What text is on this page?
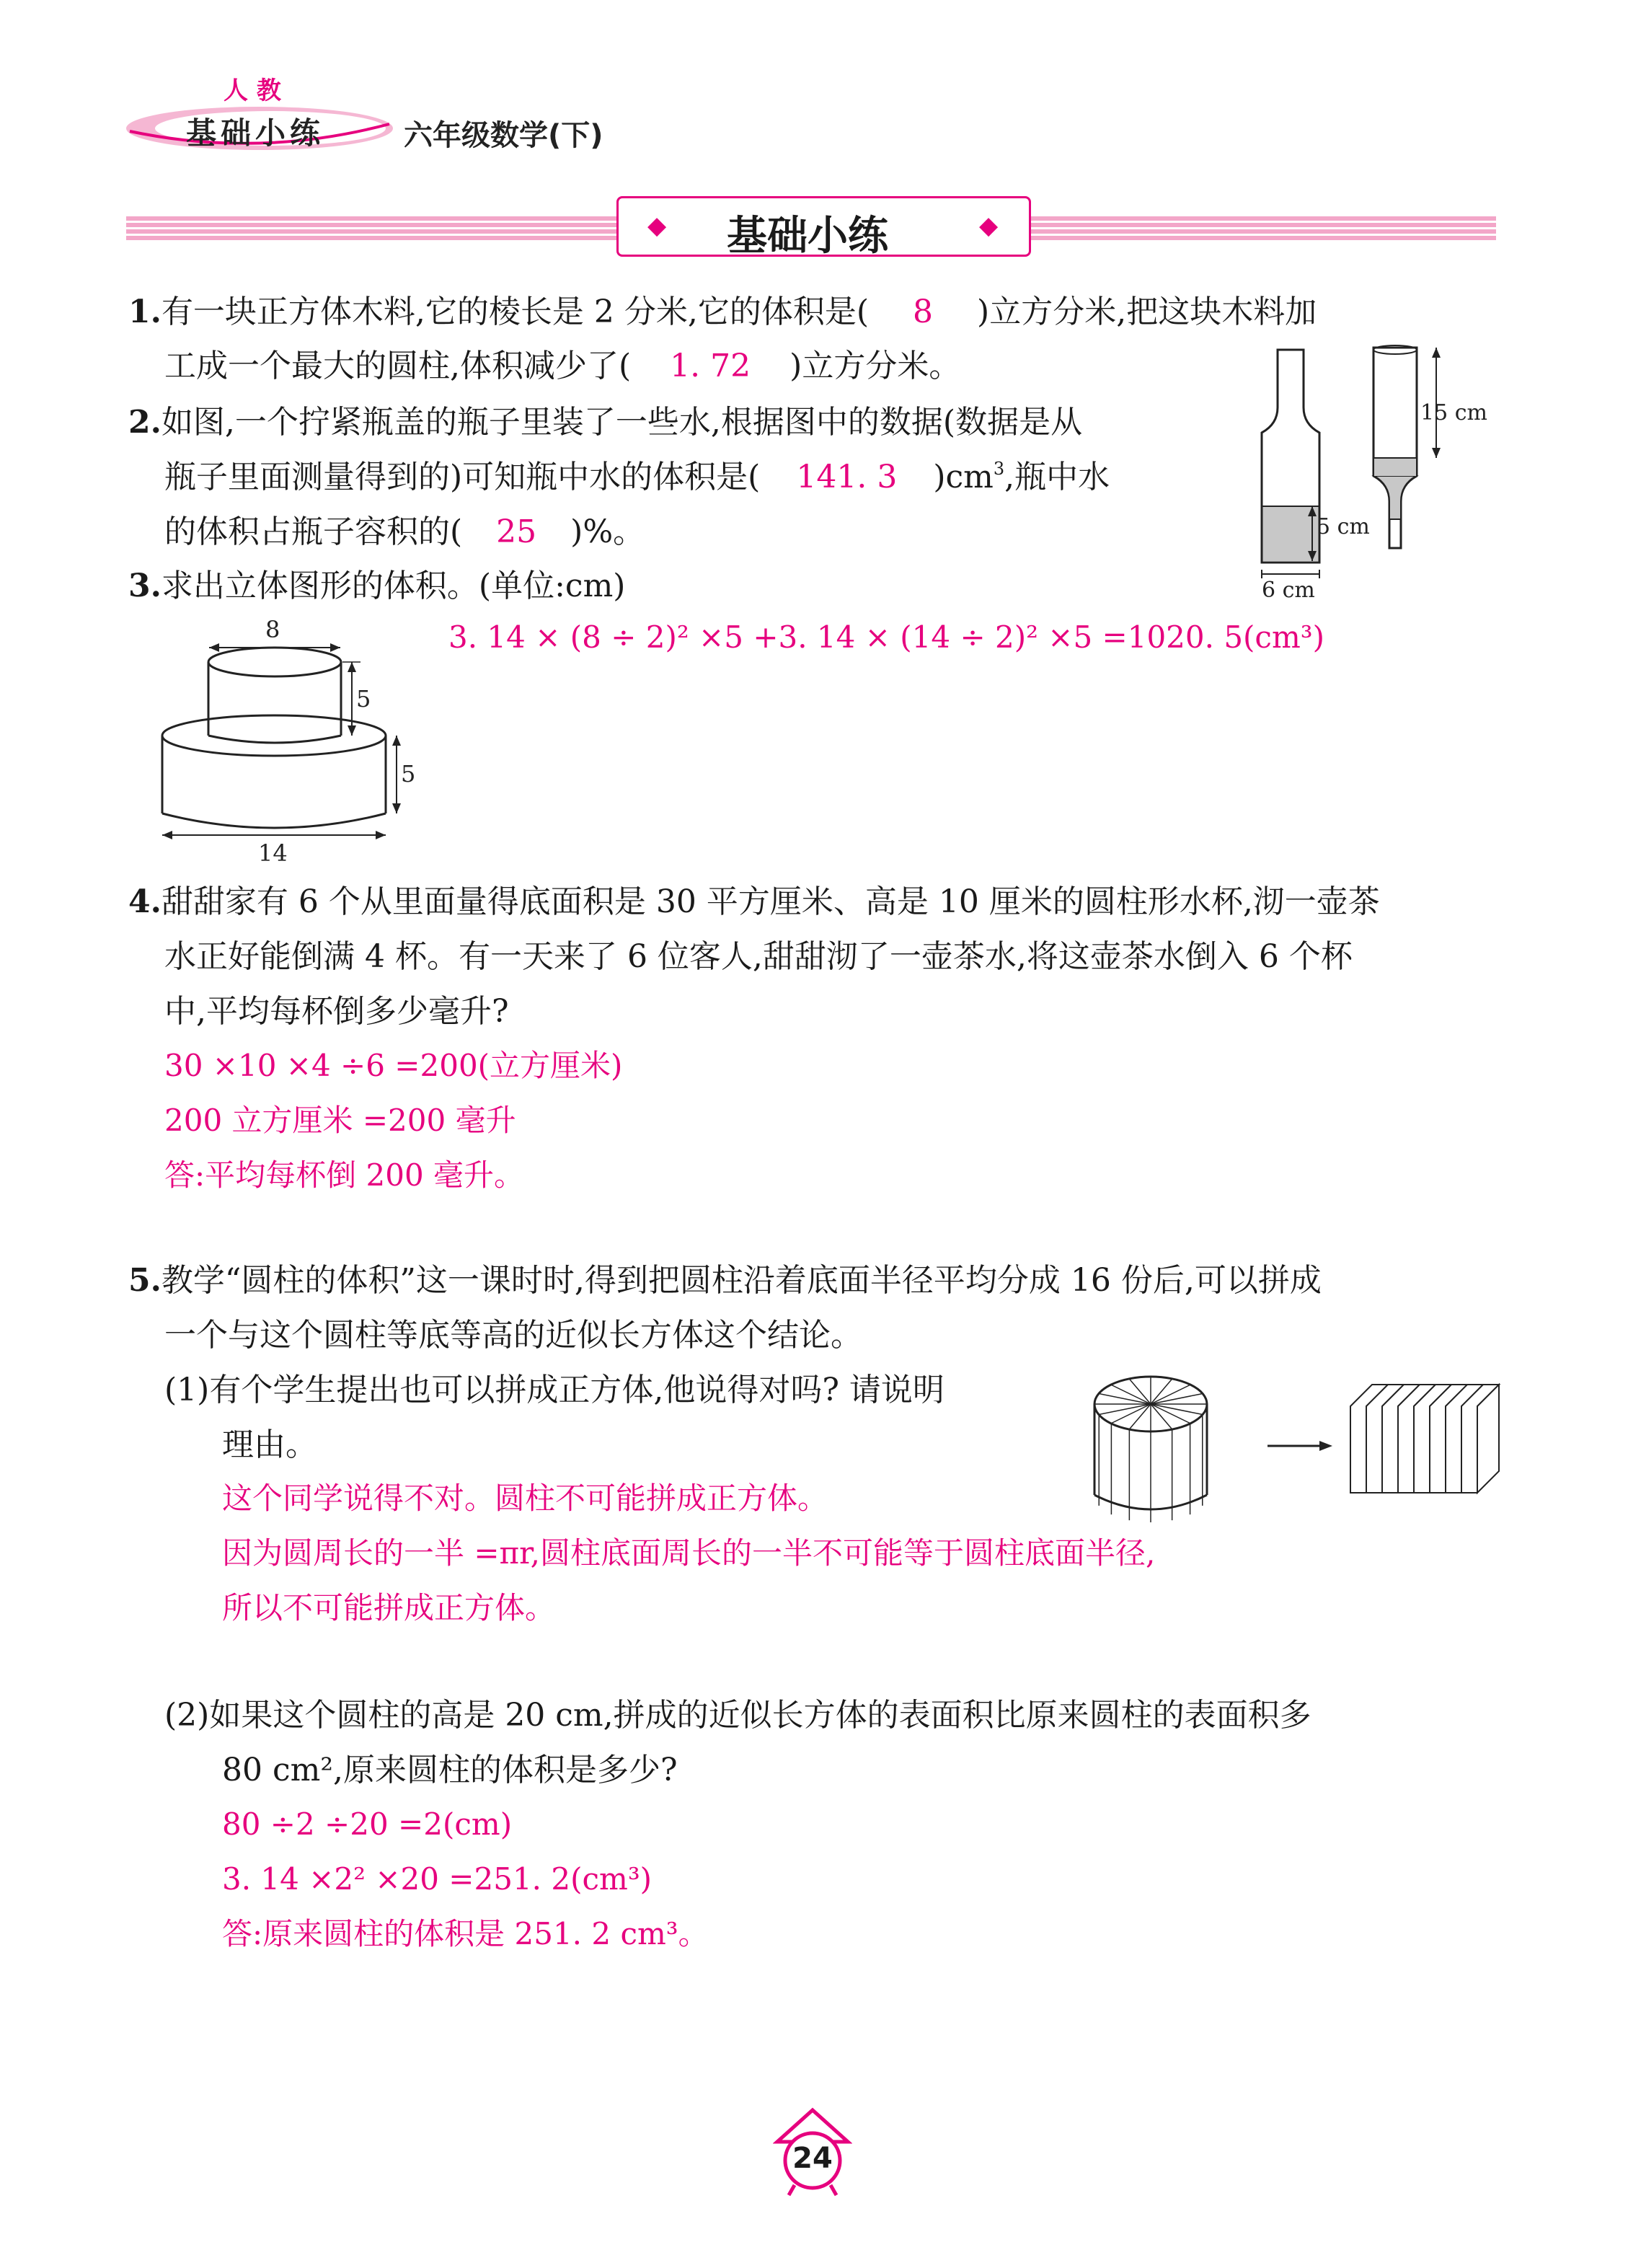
人 教
基础小练	六年级数学(下)
◆ 基础小练	◆
1.有一块正方体木料,它的棱长是 2 分米,它的体积是( 8 )立方分米,把这块木料加
工成一个最大的圆柱,体积减少了( 1. 72 )立方分米。
2.如图,一个拧紧瓶盖的瓶子里装了一些水,根据图中的数据(数据是从
瓶子里面测量得到的)可知瓶中水的体积是( 141. 3 )$cm^3$,瓶中水
的体积占瓶子容积的( 25 )%。	5 cm
6 cm
15 cm
3.求出立体图形的体积。(单位:cm)
3. 14 × (8 ÷ 2)² ×5 +3. 14 × (14 ÷ 2)² ×5 =1020. 5(cm³)
8
5
5
14
4.甜甜家有 6 个从里面量得底面积是 30 平方厘米、高是 10 厘米的圆柱形水杯,沏一壶茶
水正好能倒满 4 杯。有一天来了 6 位客人,甜甜沏了一壶茶水,将这壶茶水倒入 6 个杯
中,平均每杯倒多少毫升?
30 ×10 ×4 ÷6 =200(立方厘米)
200 立方厘米 =200 毫升
答:平均每杯倒 200 毫升。
5.教学“圆柱的体积”这一课时时,得到把圆柱沿着底面半径平均分成 16 份后,可以拼成
一个与这个圆柱等底等高的近似长方体这个结论。
(1)有个学生提出也可以拼成正方体,他说得对吗? 请说明
理由。
这个同学说得不对。圆柱不可能拼成正方体。
因为圆周长的一半 =πr,圆柱底面周长的一半不可能等于圆柱底面半径,
所以不可能拼成正方体。
(2)如果这个圆柱的高是 20 cm,拼成的近似长方体的表面积比原来圆柱的表面积多
80 cm²,原来圆柱的体积是多少?
80 ÷2 ÷20 =2(cm)
3. 14 ×2² ×20 =251. 2(cm³)
答:原来圆柱的体积是 251. 2 cm³。
24
